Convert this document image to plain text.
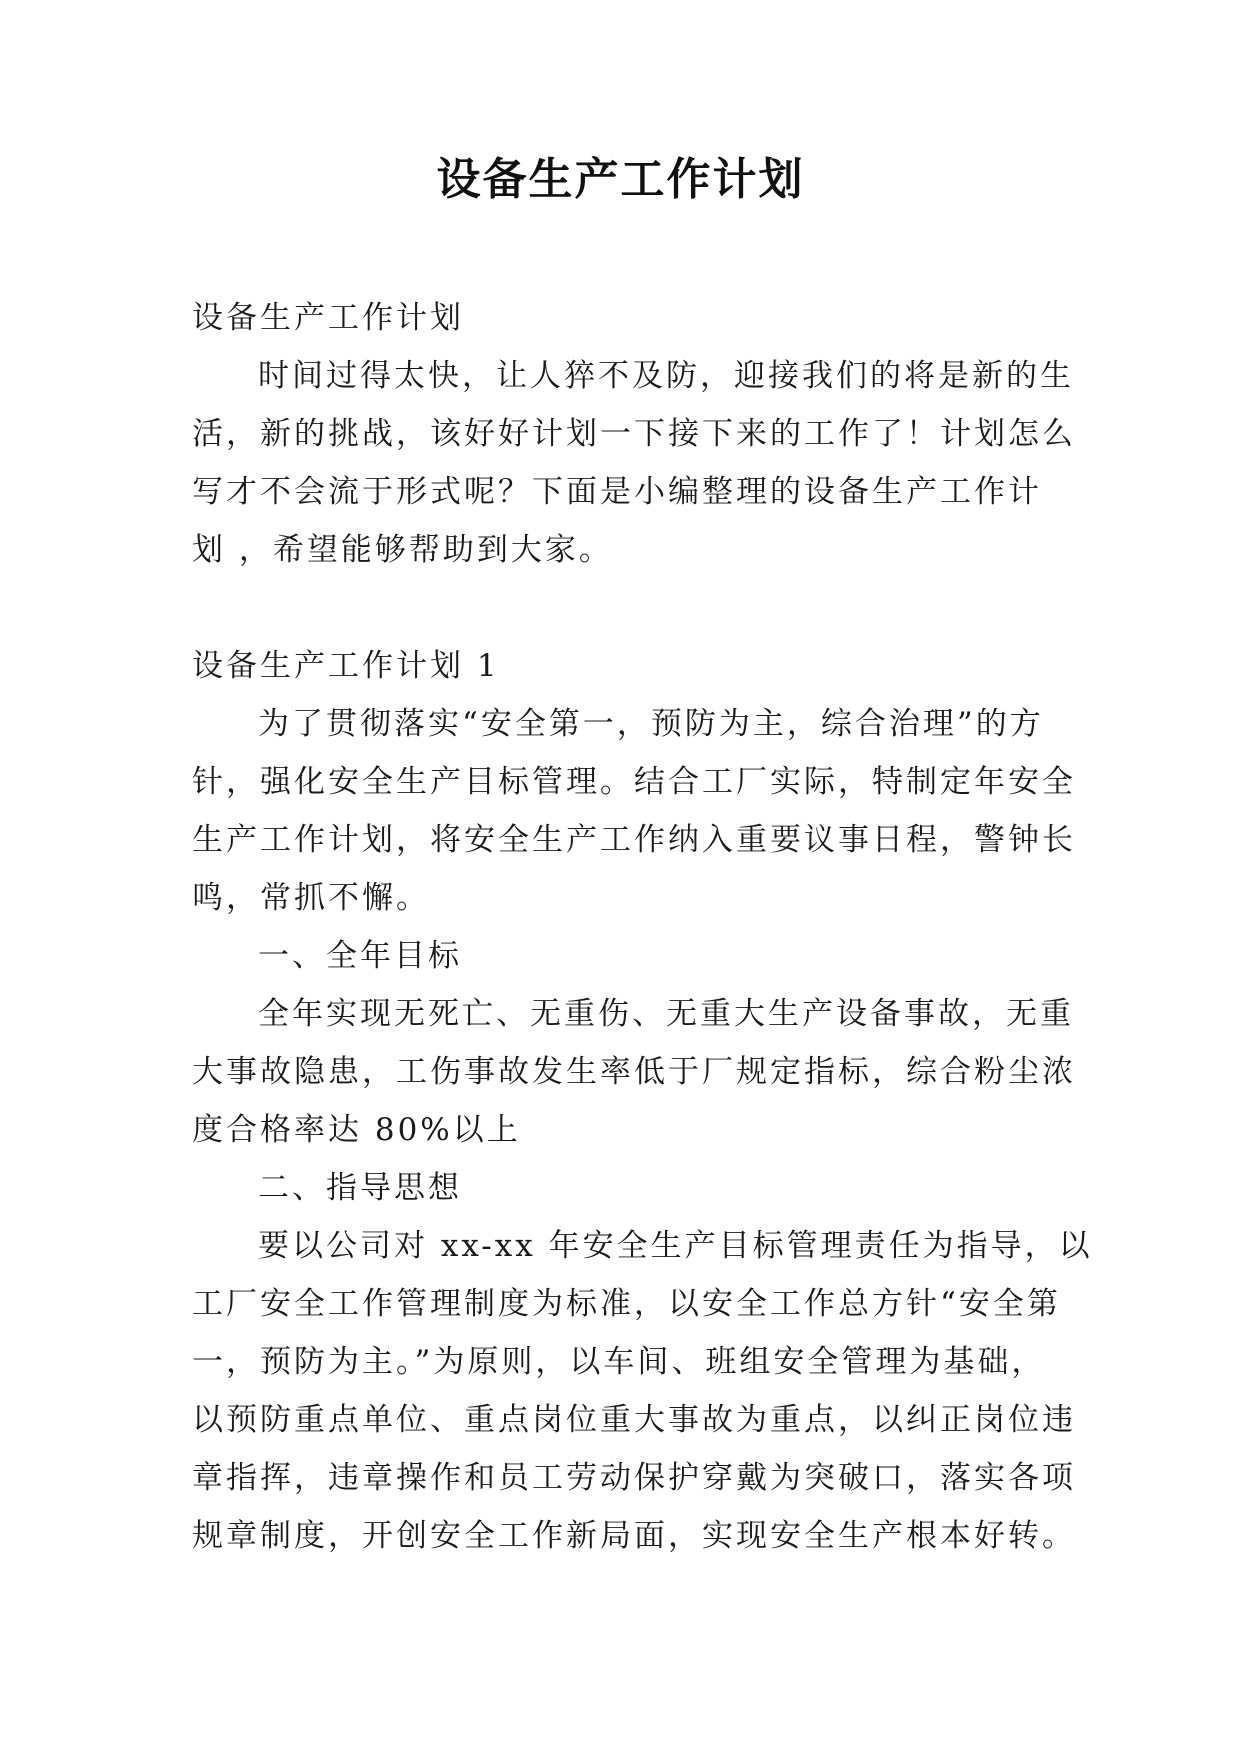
设备生产工作计划
设备生产工作计划
时间过得太快，让人猝不及防，迎接我们的将是新的生
活，新的挑战，该好好计划一下接下来的工作了！计划怎么
写才不会流于形式呢？下面是小编整理的设备生产工作计
划 ，希望能够帮助到大家。
设备生产工作计划 1
为了贯彻落实“安全第一，预防为主，综合治理”的方
针，强化安全生产目标管理。结合工厂实际，特制定年安全
生产工作计划，将安全生产工作纳入重要议事日程，警钟长
鸣，常抓不懈。
一、全年目标
全年实现无死亡、无重伤、无重大生产设备事故，无重
大事故隐患，工伤事故发生率低于厂规定指标，综合粉尘浓
度合格率达 80%以上
二、指导思想
要以公司对 xx-xx 年安全生产目标管理责任为指导，以
工厂安全工作管理制度为标准，以安全工作总方针“安全第
一，预防为主。”为原则，以车间、班组安全管理为基础，
以预防重点单位、重点岗位重大事故为重点，以纠正岗位违
章指挥，违章操作和员工劳动保护穿戴为突破口，落实各项
规章制度，开创安全工作新局面，实现安全生产根本好转。
